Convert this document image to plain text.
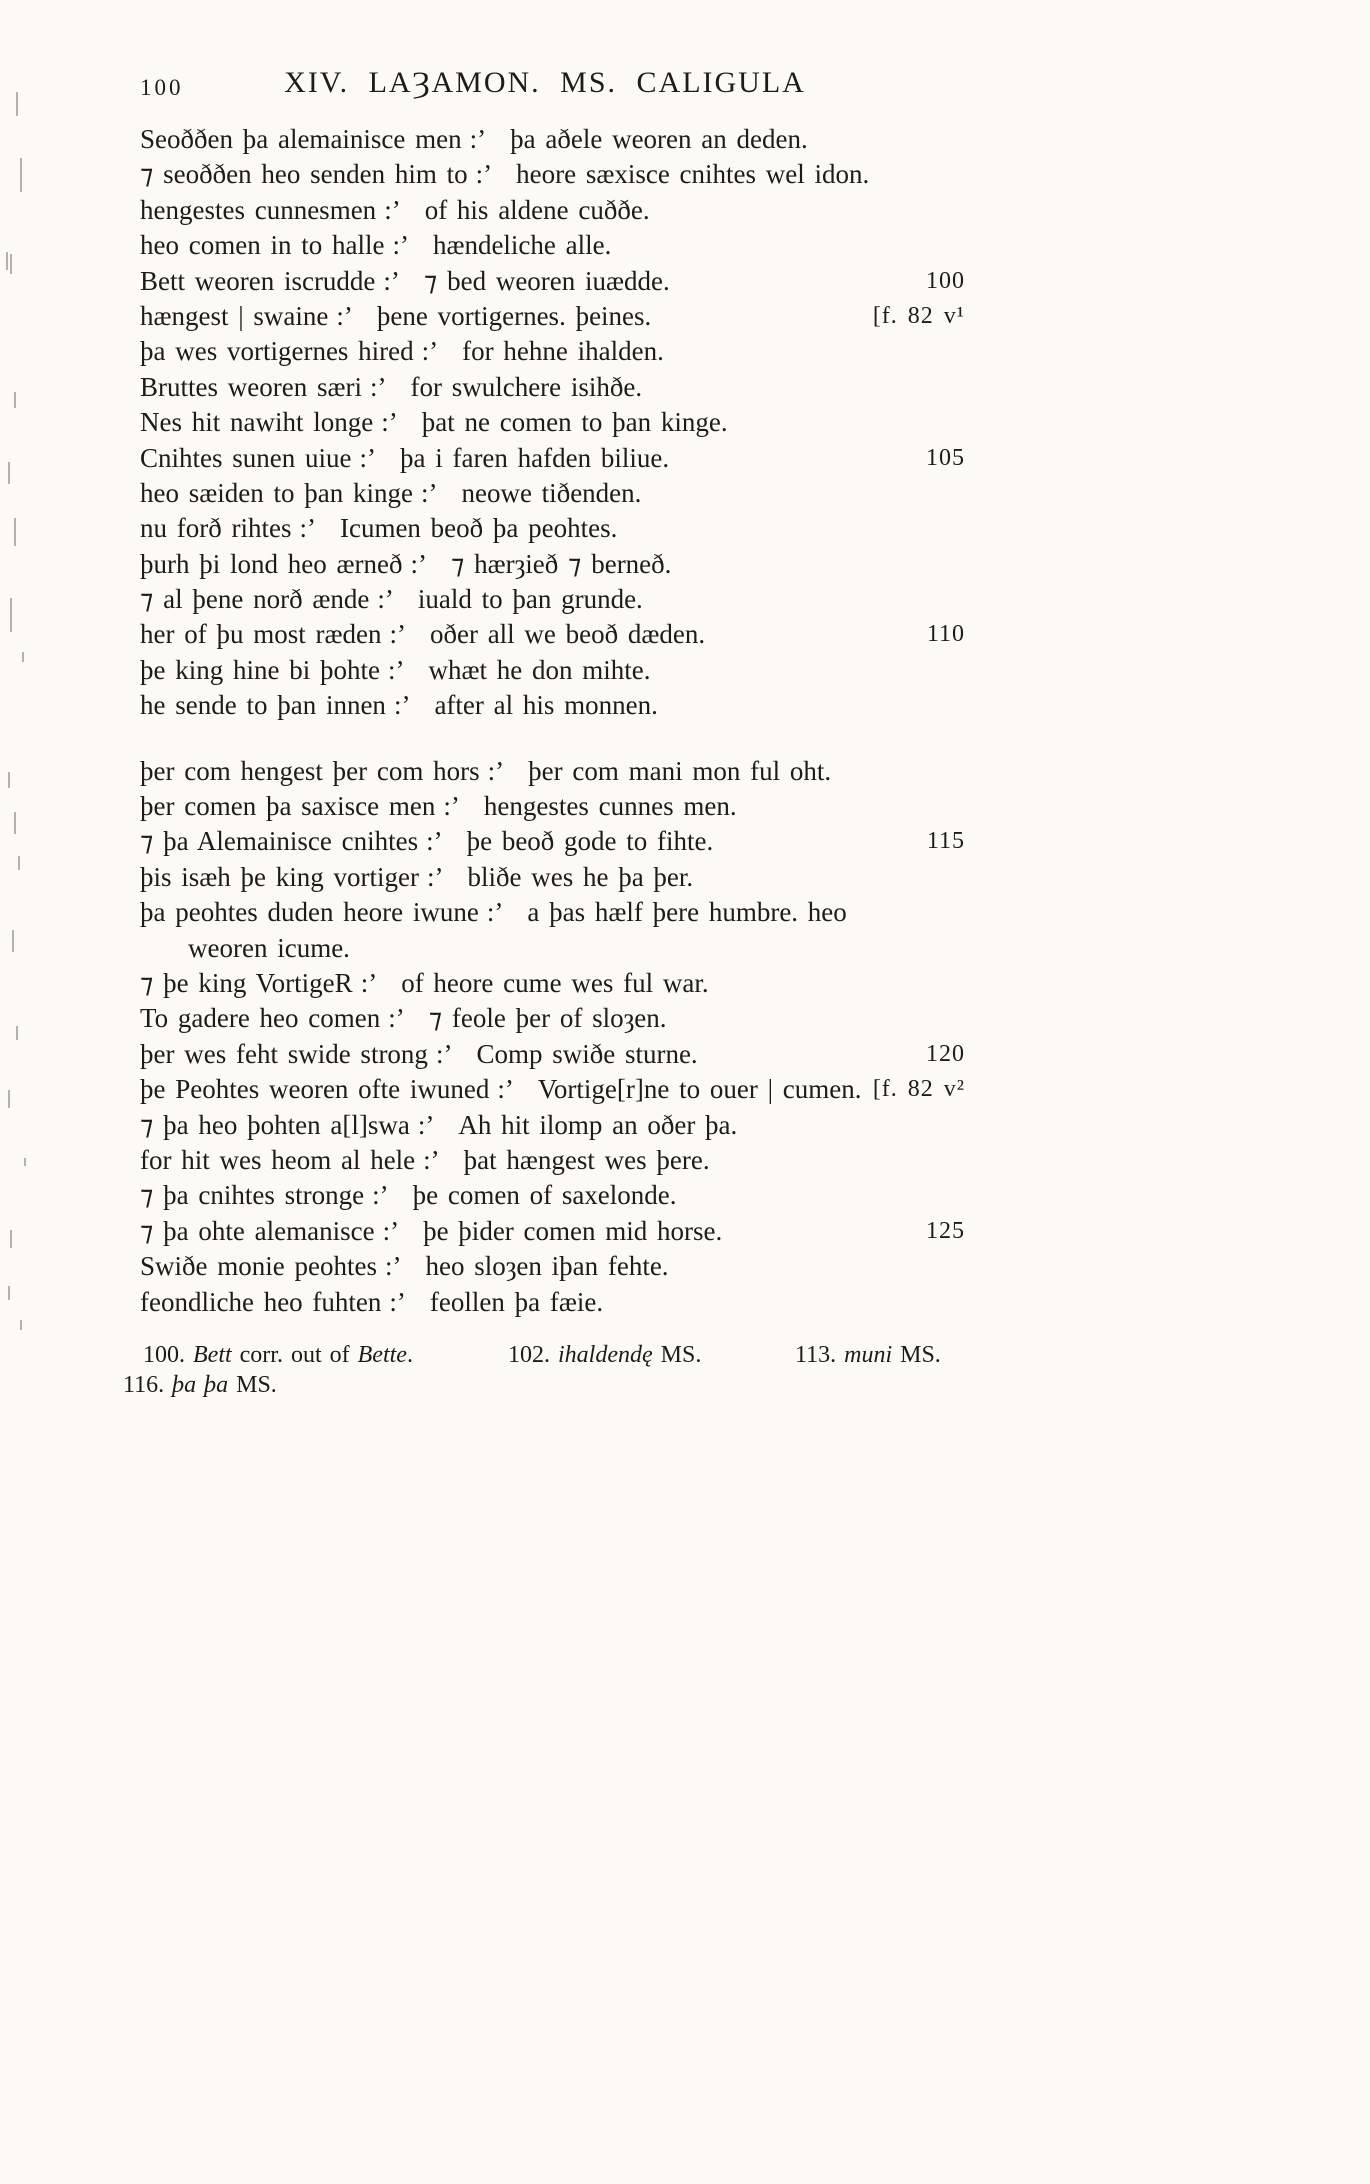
100	XIV. LAȜAMON. MS. CALIGULA
Seoððen þa alemainisce men :’ þa aðele weoren an deden.
⁊ seoððen heo senden him to :’ heore sæxisce cnihtes wel idon.
hengestes cunnesmen :’ of his aldene cuððe.
heo comen in to halle :’ hændeliche alle.
Bett weoren iscrudde :’ ⁊ bed weoren iuædde.	100
hængest | swaine :’ þene vortigernes. þeines.	[f. 82 v¹
þa wes vortigernes hired :’ for hehne ihalden.
Bruttes weoren særi :’ for swulchere isihðe.
Nes hit nawiht longe :’ þat ne comen to þan kinge.
Cnihtes sunen uiue :’ þa i faren hafden biliue.	105
heo sæiden to þan kinge :’ neowe tiðenden.
nu forð rihtes :’ Icumen beoð þa peohtes.
þurh þi lond heo ærneð :’ ⁊ hærȝieð ⁊ berneð.
⁊ al þene norð ænde :’ iuald to þan grunde.
her of þu most ræden :’ oðer all we beoð dæden.	110
þe king hine bi þohte :’ whæt he don mihte.
he sende to þan innen :’ after al his monnen.
þer com hengest þer com hors :’ þer com mani mon ful oht.
þer comen þa saxisce men :’ hengestes cunnes men.
⁊ þa Alemainisce cnihtes :’ þe beoð gode to fihte.	115
þis isæh þe king vortiger :’ bliðe wes he þa þer.
þa peohtes duden heore iwune :’ a þas hælf þere humbre. heo
weoren icume.
⁊ þe king VortigeR :’ of heore cume wes ful war.
To gadere heo comen :’ ⁊ feole þer of sloȝen.
þer wes feht swide strong :’ Comp swiðe sturne.	120
þe Peohtes weoren ofte iwuned :’ Vortige[r]ne to ouer | cumen. [f. 82 v²
⁊ þa heo þohten a[l]swa :’ Ah hit ilomp an oðer þa.
for hit wes heom al hele :’ þat hængest wes þere.
⁊ þa cnihtes stronge :’ þe comen of saxelonde.
⁊ þa ohte alemanisce :’ þe þider comen mid horse.	125
Swiðe monie peohtes :’ heo sloȝen iþan fehte.
feondliche heo fuhten :’ feollen þa fæie.
100. Bett corr. out of Bette.	102. ihaldendę MS.	113. muni MS.
116. þa þa MS.
